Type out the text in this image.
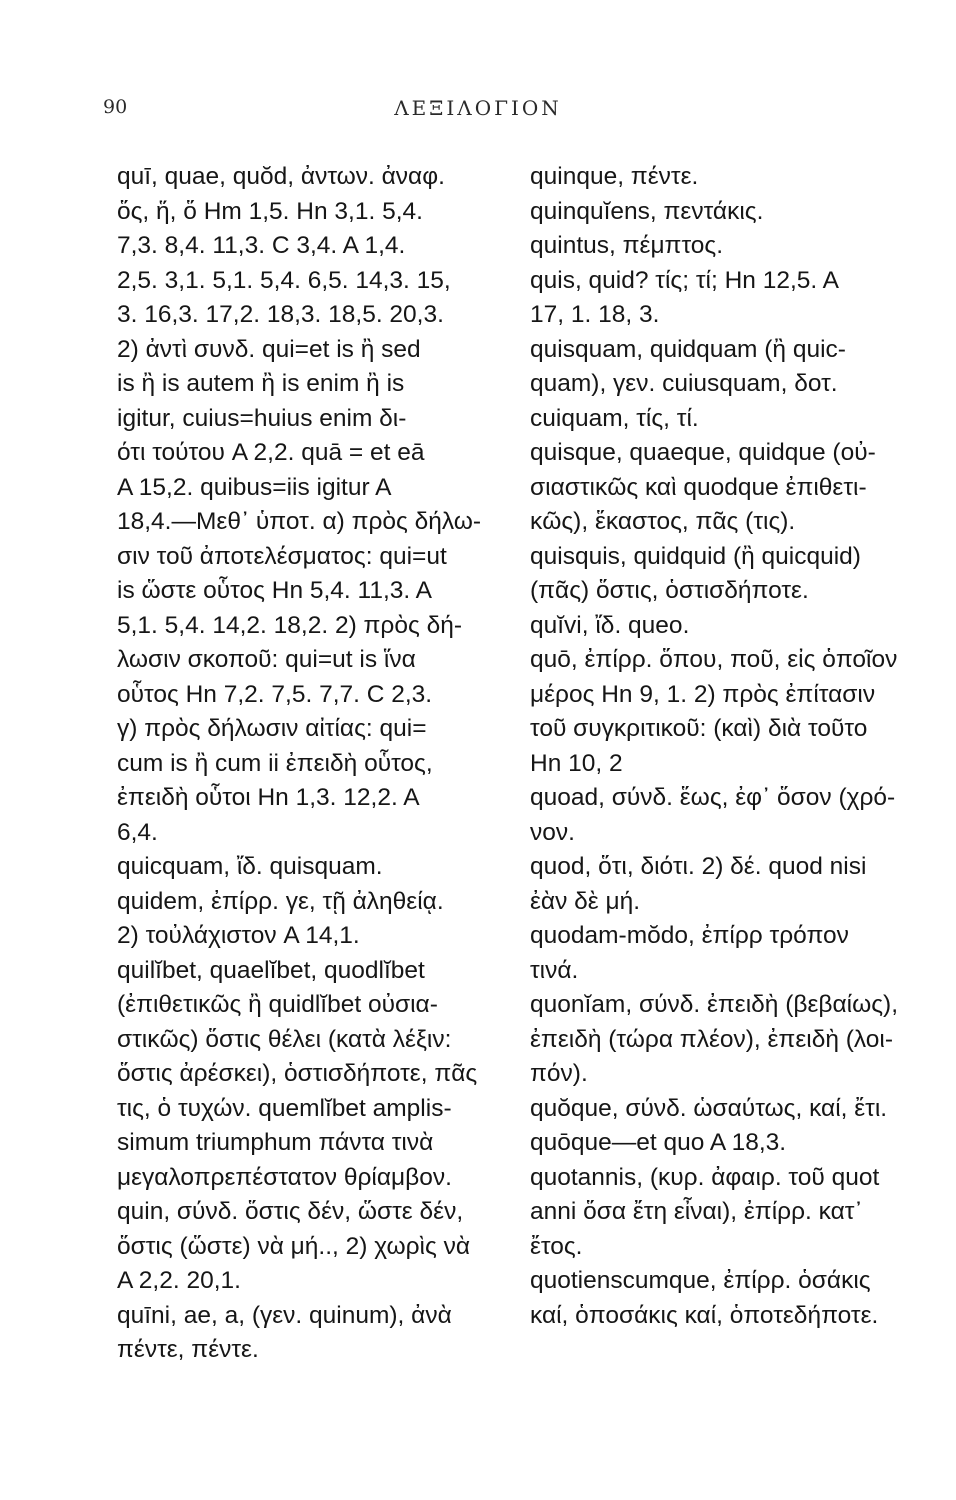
90	ΛΕΞΙΛΟΓΙΟΝ
quī, quae, quŏd, ἀντων. ἀναφ.
ὅς, ἥ, ὅ Hm 1,5. Hn 3,1. 5,4.
7,3. 8,4. 11,3. C 3,4. A 1,4.
2,5. 3,1. 5,1. 5,4. 6,5. 14,3. 15,
3. 16,3. 17,2. 18,3. 18,5. 20,3.
2) ἀντὶ συνδ. qui=et is ἢ sed
is ἢ is autem ἢ is enim ἢ is
igitur, cuius=huius enim δι-
ότι τούτου A 2,2. quā = et eā
A 15,2. quibus=iis igitur A
18,4.—Μεθ᾽ ὑποτ. α) πρὸς δήλω-
σιν τοῦ ἀποτελέσματος: qui=ut
is ὥστε οὗτος Hn 5,4. 11,3. A
5,1. 5,4. 14,2. 18,2. 2) πρὸς δή-
λωσιν σκοποῦ: qui=ut is ἵνα
οὗτος Hn 7,2. 7,5. 7,7. C 2,3.
γ) πρὸς δήλωσιν αἰτίας: qui=
cum is ἢ cum ii ἐπειδὴ οὗτος,
ἐπειδὴ οὗτοι Hn 1,3. 12,2. A
6,4.
quicquam, ἴδ. quisquam.
quidem, ἐπίρρ. γε, τῇ ἀληθείᾳ.
2) τοὐλάχιστον A 14,1.
quilĭbet, quaelĭbet, quodlĭbet
(ἐπιθετικῶς ἢ quidlĭbet οὐσια-
στικῶς) ὅστις θέλει (κατὰ λέξιν:
ὅστις ἀρέσκει), ὁστισδήποτε, πᾶς
τις, ὁ τυχών. quemlĭbet amplis-
simum triumphum πάντα τινὰ
μεγαλοπρεπέστατον θρίαμβον.
quin, σύνδ. ὅστις δέν, ὥστε δέν,
ὅστις (ὥστε) νὰ μή.., 2) χωρὶς νὰ
A 2,2. 20,1.
quīni, ae, a, (γεν. quinum), ἀνὰ
πέντε, πέντε.
quinque, πέντε.
quinquĭens, πεντάκις.
quintus, πέμπτος.
quis, quid? τίς; τί; Hn 12,5. A
17, 1. 18, 3.
quisquam, quidquam (ἢ quic-
quam), γεν. cuiusquam, δοτ.
cuiquam, τίς, τί.
quisque, quaeque, quidque (οὐ-
σιαστικῶς καὶ quodque ἐπιθετι-
κῶς), ἕκαστος, πᾶς (τις).
quisquis, quidquid (ἢ quicquid)
(πᾶς) ὅστις, ὁστισδήποτε.
quĭvi, ἴδ. queo.
quō, ἐπίρρ. ὅπου, ποῦ, εἰς ὁποῖον
μέρος Hn 9, 1. 2) πρὸς ἐπίτασιν
τοῦ συγκριτικοῦ: (καὶ) διὰ τοῦτο
Hn 10, 2
quoad, σύνδ. ἕως, ἐφ᾽ ὅσον (χρό-
νον.
quod, ὅτι, διότι. 2) δέ. quod nisi
ἐὰν δὲ μή.
quodam-mŏdo, ἐπίρρ τρόπον
τινά.
quonĭam, σύνδ. ἐπειδὴ (βεβαίως),
ἐπειδὴ (τώρα πλέον), ἐπειδὴ (λοι-
πόν).
quŏque, σύνδ. ὡσαύτως, καί, ἔτι.
quōque—et quo A 18,3.
quotannis, (κυρ. ἀφαιρ. τοῦ quot
anni ὅσα ἔτη εἶναι), ἐπίρρ. κατ᾽
ἔτος.
quotienscumque, ἐπίρρ. ὁσάκις
καί, ὁποσάκις καί, ὁποτεδήποτε.
